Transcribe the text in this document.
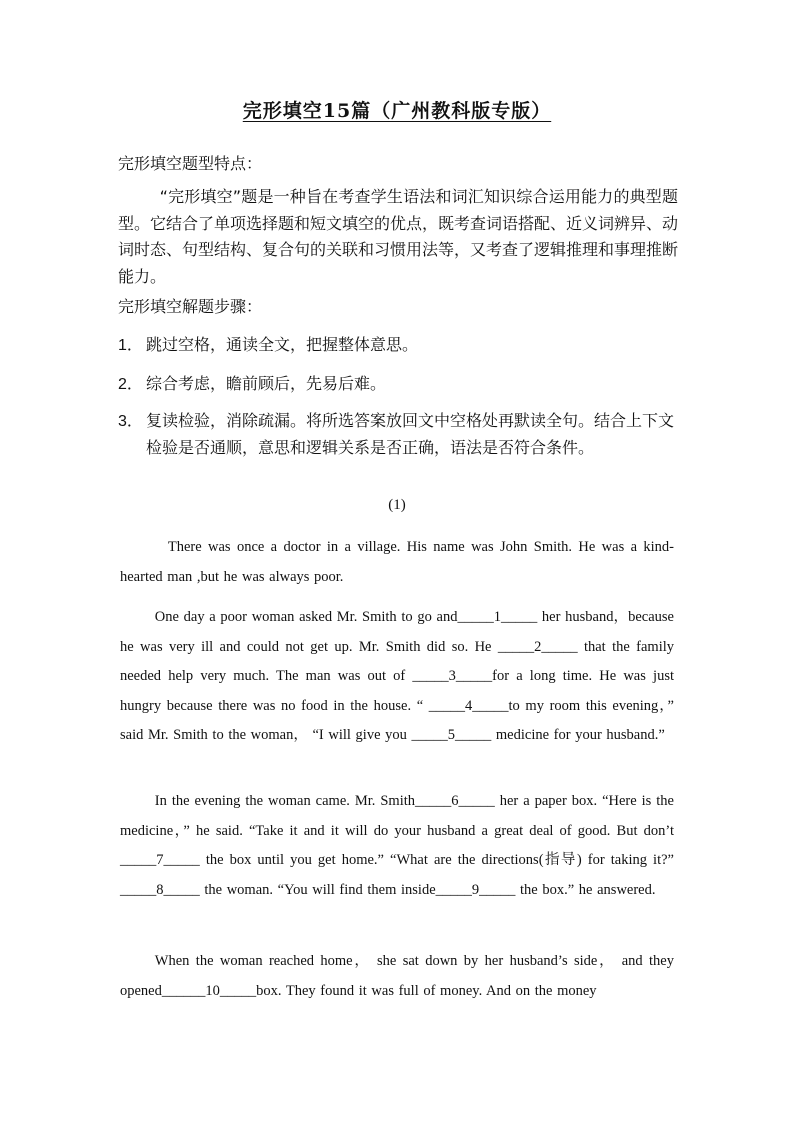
完形填空15篇（广州教科版专版）
完形填空题型特点：
“完形填空”题是一种旨在考查学生语法和词汇知识综合运用能力的典型题型。它结合了单项选择题和短文填空的优点，既考查词语搭配、近义词辨异、动词时态、句型结构、复合句的关联和习惯用法等，又考查了逻辑推理和事理推断能力。
完形填空解题步骤：
1． 跳过空格，通读全文，把握整体意思。
2． 综合考虑，瞻前顾后，先易后难。
3． 复读检验，消除疏漏。将所选答案放回文中空格处再默读全句。结合上下文检验是否通顺，意思和逻辑关系是否正确，语法是否符合条件。
(1)
There was once a doctor in a village. His name was John Smith. He was a kind-hearted man ,but he was always poor.
One day a poor woman asked Mr. Smith to go and_____1_____ her husband，because he was very ill and could not get up. Mr. Smith did so. He _____2_____ that the family needed help very much. The man was out of _____3_____for a long time. He was just hungry because there was no food in the house. “ _____4_____to my room this evening，” said Mr. Smith to the woman， “I will give you _____5_____ medicine for your husband.”
In the evening the woman came. Mr. Smith_____6_____ her a paper box. “Here is the medicine，” he said. “Take it and it will do your husband a great deal of good. But don’t _____7_____ the box until you get home.” “What are the directions(指导) for taking it?” _____8_____ the woman. “You will find them inside_____9_____ the box.” he answered.
When the woman reached home， she sat down by her husband’s side， and they opened______10_____box. They found it was full of money. And on the money
